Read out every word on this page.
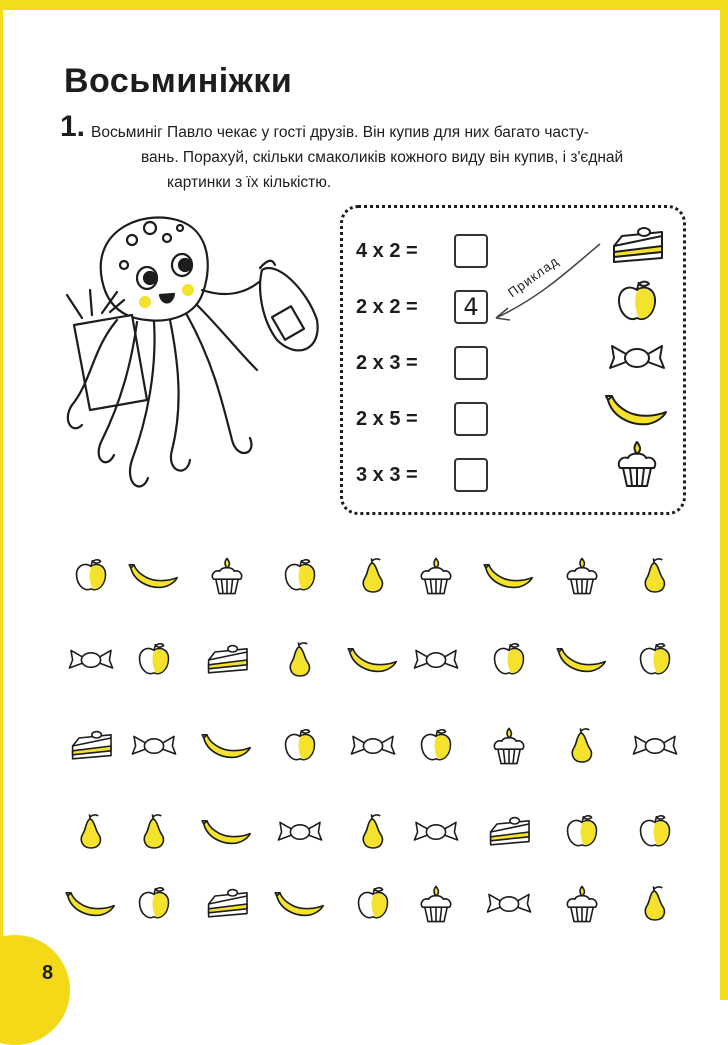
Восьминіжки
1. Восьминіг Павло чекає у гості друзів. Він купив для них багато часту-
вань. Порахуй, скільки смаколиків кожного виду він купив, і з'єднай
картинки з їх кількістю.
4 x 2 =
2 x 2 =	4
2 x 3 =
2 x 5 =
3 x 3 =
Приклад
8
